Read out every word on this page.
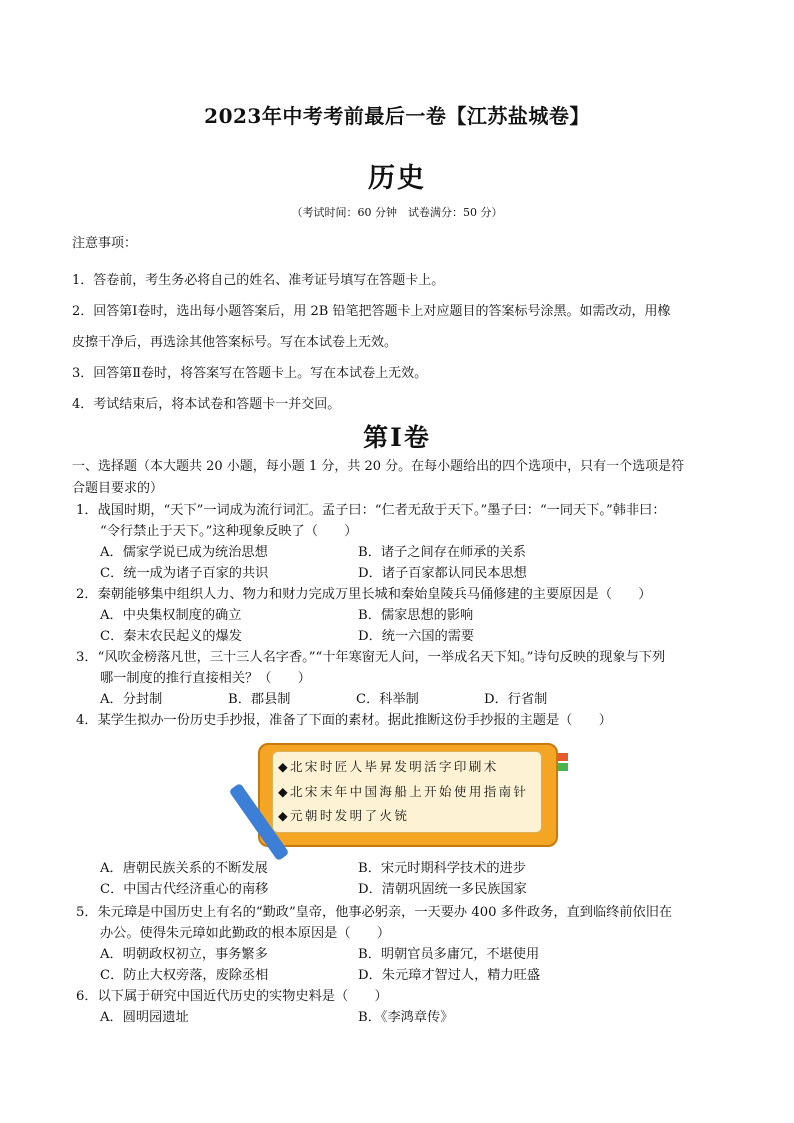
2023年中考考前最后一卷【江苏盐城卷】
历史
（考试时间：60 分钟　试卷满分：50 分）
注意事项：
1．答卷前，考生务必将自己的姓名、准考证号填写在答题卡上。
2．回答第Ⅰ卷时，选出每小题答案后，用 2B 铅笔把答题卡上对应题目的答案标号涂黑。如需改动，用橡
皮擦干净后，再选涂其他答案标号。写在本试卷上无效。
3．回答第Ⅱ卷时，将答案写在答题卡上。写在本试卷上无效。
4．考试结束后，将本试卷和答题卡一并交回。
第Ⅰ卷
一、选择题（本大题共 20 小题，每小题 1 分，共 20 分。在每小题给出的四个选项中，只有一个选项是符
合题目要求的）
1．战国时期，“天下”一词成为流行词汇。孟子曰：“仁者无敌于天下。”墨子曰：“一同天下。”韩非曰：
“令行禁止于天下。”这种现象反映了（　　）
A．儒家学说已成为统治思想	B．诸子之间存在师承的关系
C．统一成为诸子百家的共识	D．诸子百家都认同民本思想
2．秦朝能够集中组织人力、物力和财力完成万里长城和秦始皇陵兵马俑修建的主要原因是（　　）
A．中央集权制度的确立	B．儒家思想的影响
C．秦末农民起义的爆发	D．统一六国的需要
3．“风吹金榜落凡世，三十三人名字香。”“十年寒窗无人问，一举成名天下知。”诗句反映的现象与下列
哪一制度的推行直接相关？（　　）
A．分封制	B．郡县制	C．科举制	D．行省制
4．某学生拟办一份历史手抄报，准备了下面的素材。据此推断这份手抄报的主题是（　　）
◆北宋时匠人毕昇发明活字印刷术
◆北宋末年中国海船上开始使用指南针
◆元朝时发明了火铳
A．唐朝民族关系的不断发展	B．宋元时期科学技术的进步
C．中国古代经济重心的南移	D．清朝巩固统一多民族国家
5．朱元璋是中国历史上有名的“勤政”皇帝，他事必躬亲，一天要办 400 多件政务，直到临终前依旧在
办公。使得朱元璋如此勤政的根本原因是（　　）
A．明朝政权初立，事务繁多	B．明朝官员多庸冗，不堪使用
C．防止大权旁落，废除丞相	D．朱元璋才智过人，精力旺盛
6．以下属于研究中国近代历史的实物史料是（　　）
A．圆明园遗址	B．《李鸿章传》
